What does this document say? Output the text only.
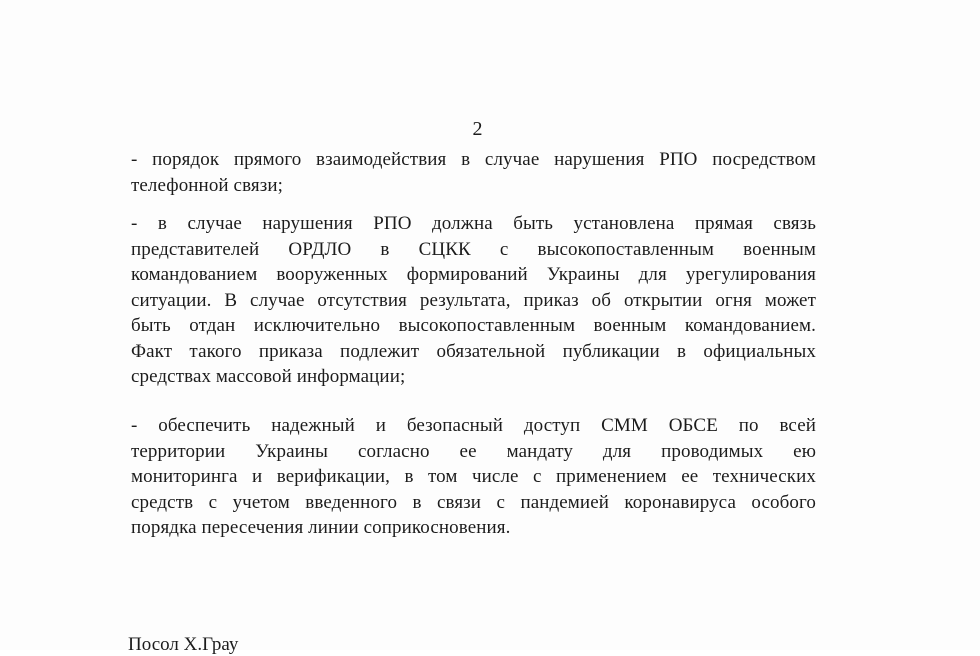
2
- порядок прямого взаимодействия в случае нарушения РПО посредством
телефонной связи;
- в случае нарушения РПО должна быть установлена прямая связь
представителей ОРДЛО в СЦКК с высокопоставленным военным
командованием вооруженных формирований Украины для урегулирования
ситуации. В случае отсутствия результата, приказ об открытии огня может
быть отдан исключительно высокопоставленным военным командованием.
Факт такого приказа подлежит обязательной публикации в официальных
средствах массовой информации;
- обеспечить надежный и безопасный доступ СММ ОБСЕ по всей
территории Украины согласно ее мандату для проводимых ею
мониторинга и верификации, в том числе с применением ее технических
средств с учетом введенного в связи с пандемией коронавируса особого
порядка пересечения линии соприкосновения.
Посол Х.Грау
